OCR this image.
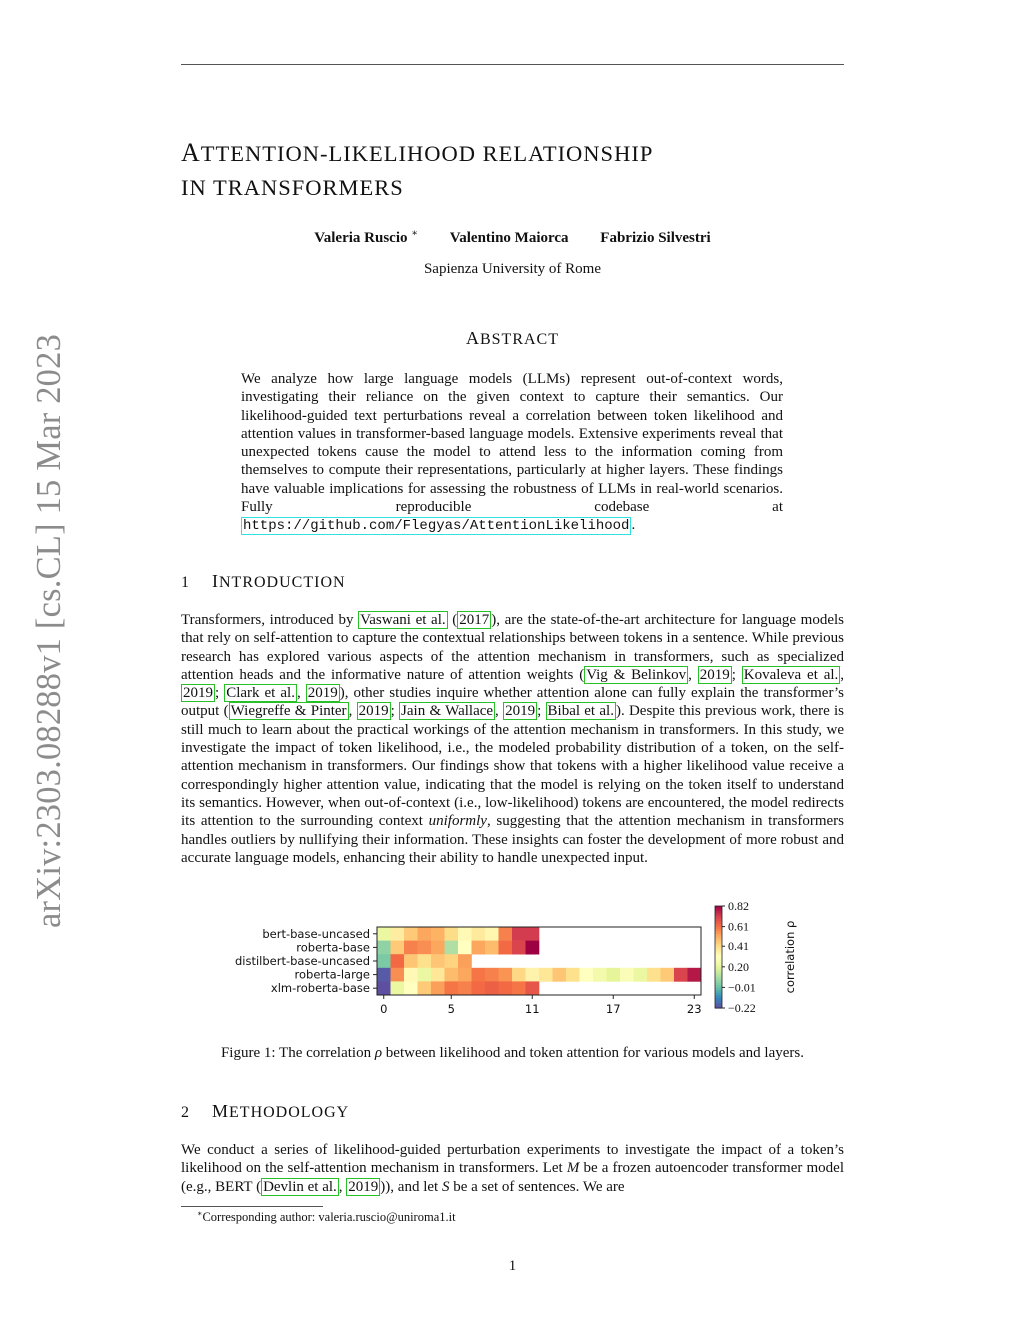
arXiv:2303.08288v1 [cs.CL] 15 Mar 2023
ATTENTION-LIKELIHOOD RELATIONSHIP
IN TRANSFORMERS
Valeria Ruscio ∗ Valentino Maiorca Fabrizio Silvestri
Sapienza University of Rome
ABSTRACT
We analyze how large language models (LLMs) represent out-of-context words, investigating their reliance on the given context to capture their semantics. Our likelihood-guided text perturbations reveal a correlation between token likelihood and attention values in transformer-based language models. Extensive experiments reveal that unexpected tokens cause the model to attend less to the information coming from themselves to compute their representations, particularly at higher layers. These findings have valuable implications for assessing the robustness of LLMs in real-world scenarios. Fully reproducible codebase at https://github.com/Flegyas/AttentionLikelihood .
1 INTRODUCTION
Transformers, introduced by Vaswani et al. ( 2017 ), are the state-of-the-art architecture for language models that rely on self-attention to capture the contextual relationships between tokens in a sentence. While previous research has explored various aspects of the attention mechanism in transformers, such as specialized attention heads and the informative nature of attention weights ( Vig & Belinkov , 2019 ; Kovaleva et al. , 2019 ; Clark et al. , 2019 ), other studies inquire whether attention alone can fully explain the transformer’s output ( Wiegreffe & Pinter , 2019 ; Jain & Wallace , 2019 ; Bibal et al. ). Despite this previous work, there is still much to learn about the practical workings of the attention mechanism in transformers. In this study, we investigate the impact of token likelihood, i.e., the modeled probability distribution of a token, on the self-attention mechanism in transformers. Our findings show that tokens with a higher likelihood value receive a correspondingly higher attention value, indicating that the model is relying on the token itself to understand its semantics. However, when out-of-context (i.e., low-likelihood) tokens are encountered, the model redirects its attention to the surrounding context uniformly, suggesting that the attention mechanism in transformers handles outliers by nullifying their information. These insights can foster the development of more robust and accurate language models, enhancing their ability to handle unexpected input.
bert-base-uncased
roberta-base
distilbert-base-uncased
roberta-large
xlm-roberta-base
0	5	11	17	23
0.82
0.61
0.41
0.20
−0.01
−0.22
correlation ρ
Figure 1: The correlation ρ between likelihood and token attention for various models and layers.
2 METHODOLOGY
We conduct a series of likelihood-guided perturbation experiments to investigate the impact of a token’s likelihood on the self-attention mechanism in transformers. Let M be a frozen autoencoder transformer model (e.g., BERT ( Devlin et al. , 2019 )), and let S be a set of sentences. We are
∗Corresponding author: valeria.ruscio@uniroma1.it
1
